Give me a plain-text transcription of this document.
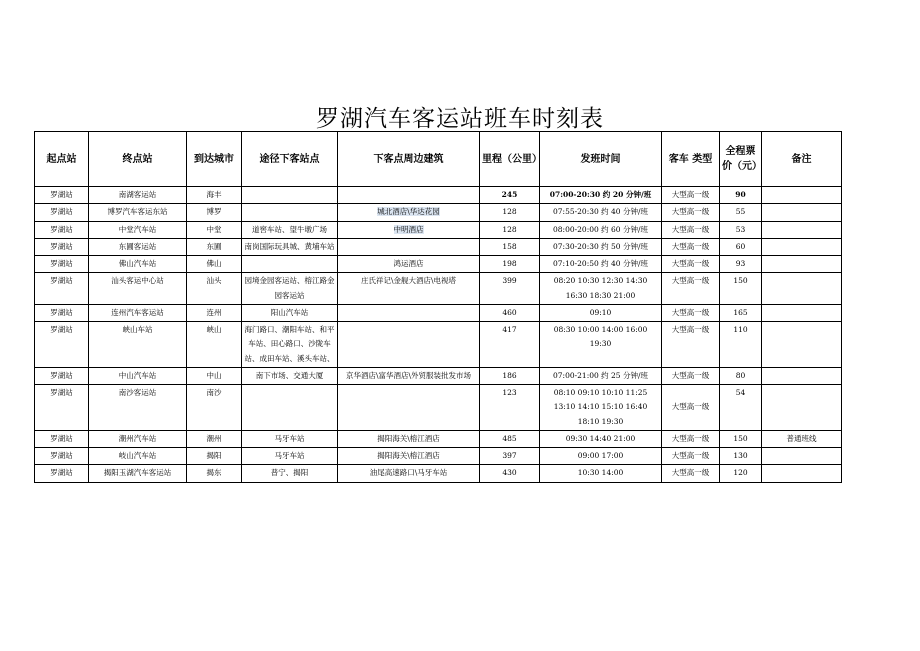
罗湖汽车客运站班车时刻表
起点站	终点站	到达城市	途径下客站点	下客点周边建筑	里程（公里）	发班时间	客车 类型	全程票价（元）	备注
罗湖站	南湖客运站	海丰			245	07:00-20:30 约 20 分钟/班	大型高一级	90	
罗湖站	博罗汽车客运东站	博罗		城北酒店\华达花园	128	07:55-20:30 约 40 分钟/班	大型高一级	55	
罗湖站	中堂汽车站	中堂	道窖车站、望牛墩广场	中明酒店	128	08:00-20:00 约 60 分钟/班	大型高一级	53	
罗湖站	东圃客运站	东圃	南岗国际玩具城、黄埔车站		158	07:30-20:30 约 50 分钟/班	大型高一级	60	
罗湖站	佛山汽车站	佛山		鸿运酒店	198	07:10-20:50 约 40 分钟/班	大型高一级	93	
罗湖站	汕头客运中心站	汕头	园境金园客运站、榕江路金园客运站	庄氏祥记\金舰大酒店\电视塔	399	08:20 10:30 12:30 14:30 16:30 18:30 21:00	大型高一级	150	
罗湖站	连州汽车客运站	连州	阳山汽车站		460	09:10	大型高一级	165	
罗湖站	峡山车站	峡山	海门路口、潮阳车站、和平车站、田心路口、沙陇车站、成田车站、溪头车站、		417	08:30 10:00 14:00 16:00 19:30	大型高一级	110	
罗湖站	中山汽车站	中山	南下市场、交通大厦	京华酒店\富华酒店\外贸服装批发市场	186	07:00-21:00 约 25 分钟/班	大型高一级	80	
罗湖站	南沙客运站	南沙			123	08:10 09:10 10:10 11:25 13:10 14:10 15:10 16:40 18:10 19:30	大型高一级	54	
罗湖站	潮州汽车站	潮州	马牙车站	揭阳海关\榕江酒店	485	09:30 14:40 21:00	大型高一级	150	普通班线
罗湖站	岐山汽车站	揭阳	马牙车站	揭阳海关\榕江酒店	397	09:00 17:00	大型高一级	130	
罗湖站	揭阳玉湖汽车客运站	揭东	普宁、揭阳	油尾高速路口\马牙车站	430	10:30 14:00	大型高一级	120	
